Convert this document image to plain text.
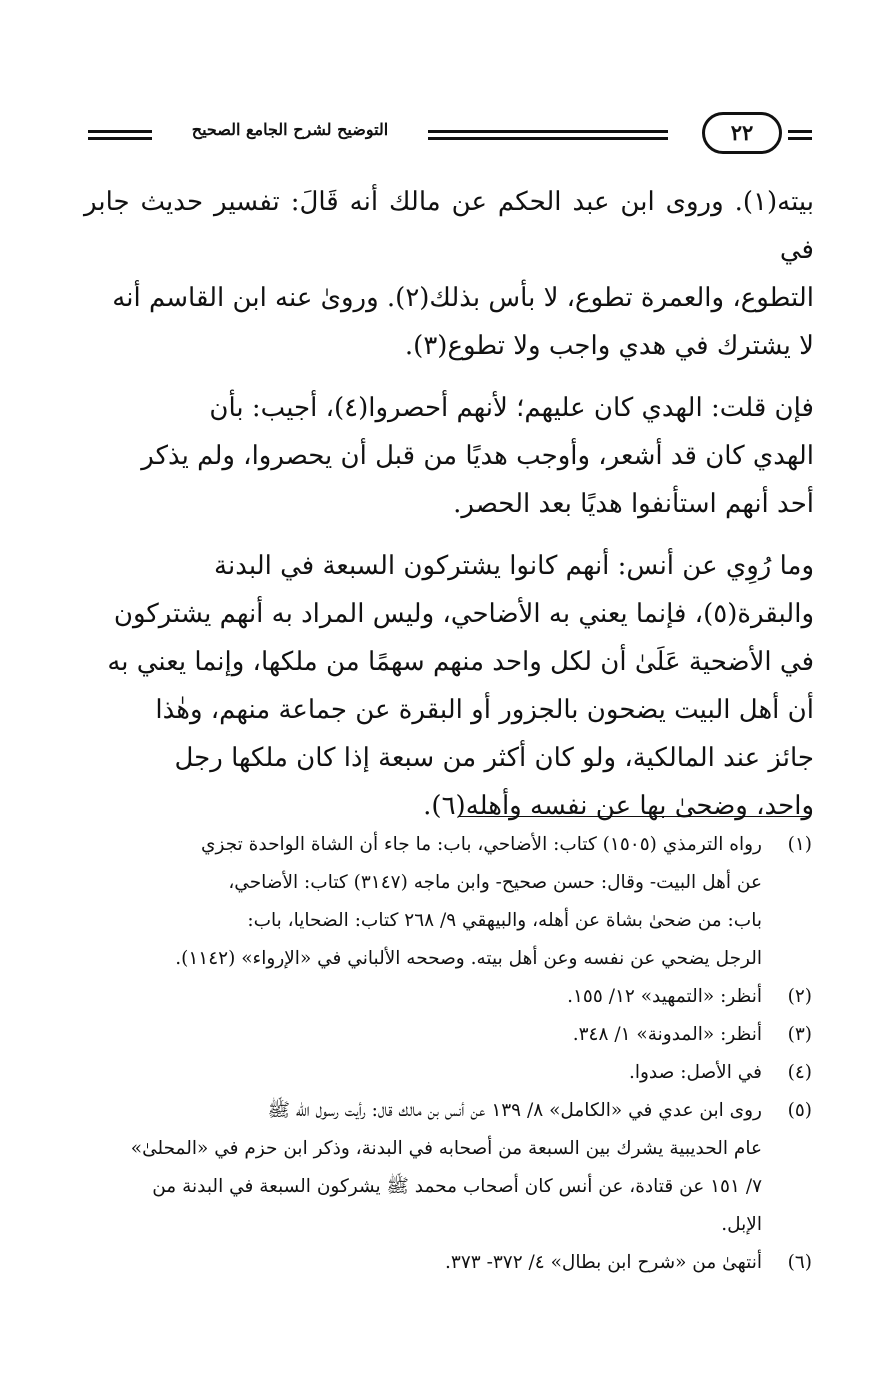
التوضيح لشرح الجامع الصحيح	٢٢

بيته(١). وروى ابن عبد الحكم عن مالك أنه قَالَ: تفسير حديث جابر في
التطوع، والعمرة تطوع، لا بأس بذلك(٢). وروىٰ عنه ابن القاسم أنه
لا يشترك في هدي واجب ولا تطوع(٣).

فإن قلت: الهدي كان عليهم؛ لأنهم أحصروا(٤)، أجيب: بأن
الهدي كان قد أشعر، وأوجب هديًا من قبل أن يحصروا، ولم يذكر
أحد أنهم استأنفوا هديًا بعد الحصر.

وما رُوِي عن أنس: أنهم كانوا يشتركون السبعة في البدنة
والبقرة(٥)، فإنما يعني به الأضاحي، وليس المراد به أنهم يشتركون
في الأضحية عَلَىٰ أن لكل واحد منهم سهمًا من ملكها، وإنما يعني به
أن أهل البيت يضحون بالجزور أو البقرة عن جماعة منهم، وهٰذا
جائز عند المالكية، ولو كان أكثر من سبعة إذا كان ملكها رجل
واحد، وضحىٰ بها عن نفسه وأهله(٦).

(١)
رواه الترمذي (١٥٠٥) كتاب: الأضاحي، باب: ما جاء أن الشاة الواحدة تجزي
عن أهل البيت- وقال: حسن صحيح- وابن ماجه (٣١٤٧) كتاب: الأضاحي،
باب: من ضحىٰ بشاة عن أهله، والبيهقي ٩/ ٢٦٨ كتاب: الضحايا، باب:
الرجل يضحي عن نفسه وعن أهل بيته. وصححه الألباني في «الإرواء» (١١٤٢).
(٢)
أنظر: «التمهيد» ١٢/ ١٥٥.
(٣)
أنظر: «المدونة» ١/ ٣٤٨.
(٤)
في الأصل: صدوا.
(٥)
روى ابن عدي في «الكامل» ٨/ ١٣٩ عن أنس بن مالك قال: رأيت رسول الله ﷺ
عام الحديبية يشرك بين السبعة من أصحابه في البدنة، وذكر ابن حزم في «المحلىٰ»
٧/ ١٥١ عن قتادة، عن أنس كان أصحاب محمد ﷺ يشركون السبعة في البدنة من
الإبل.
(٦)
أنتهىٰ من «شرح ابن بطال» ٤/ ٣٧٢- ٣٧٣.
